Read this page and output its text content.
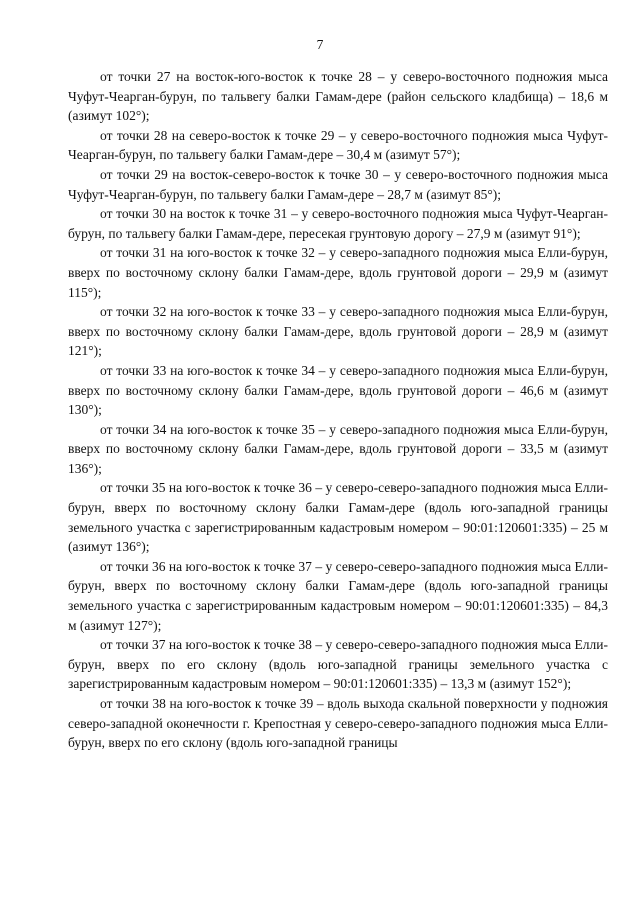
7

от точки 27 на восток-юго-восток к точке 28 – у северо-восточного подножия мыса Чуфут-Чеарган-бурун, по тальвегу балки Гамам-дере (район сельского кладбища) – 18,6 м (азимут 102°);

от точки 28 на северо-восток к точке 29 – у северо-восточного подножия мыса Чуфут-Чеарган-бурун, по тальвегу балки Гамам-дере – 30,4 м (азимут 57°);

от точки 29 на восток-северо-восток к точке 30 – у северо-восточного подножия мыса Чуфут-Чеарган-бурун, по тальвегу балки Гамам-дере – 28,7 м (азимут 85°);

от точки 30 на восток к точке 31 – у северо-восточного подножия мыса Чуфут-Чеарган-бурун, по тальвегу балки Гамам-дере, пересекая грунтовую дорогу – 27,9 м (азимут 91°);

от точки 31 на юго-восток к точке 32 – у северо-западного подножия мыса Елли-бурун, вверх по восточному склону балки Гамам-дере, вдоль грунтовой дороги – 29,9 м (азимут 115°);

от точки 32 на юго-восток к точке 33 – у северо-западного подножия мыса Елли-бурун, вверх по восточному склону балки Гамам-дере, вдоль грунтовой дороги – 28,9 м (азимут 121°);

от точки 33 на юго-восток к точке 34 – у северо-западного подножия мыса Елли-бурун, вверх по восточному склону балки Гамам-дере, вдоль грунтовой дороги – 46,6 м (азимут 130°);

от точки 34 на юго-восток к точке 35 – у северо-западного подножия мыса Елли-бурун, вверх по восточному склону балки Гамам-дере, вдоль грунтовой дороги – 33,5 м (азимут 136°);

от точки 35 на юго-восток к точке 36 – у северо-северо-западного подножия мыса Елли-бурун, вверх по восточному склону балки Гамам-дере (вдоль юго-западной границы земельного участка с зарегистрированным кадастровым номером – 90:01:120601:335) – 25 м (азимут 136°);

от точки 36 на юго-восток к точке 37 – у северо-северо-западного подножия мыса Елли-бурун, вверх по восточному склону балки Гамам-дере (вдоль юго-западной границы земельного участка с зарегистрированным кадастровым номером – 90:01:120601:335) – 84,3 м (азимут 127°);

от точки 37 на юго-восток к точке 38 – у северо-северо-западного подножия мыса Елли-бурун, вверх по его склону (вдоль юго-западной границы земельного участка с зарегистрированным кадастровым номером – 90:01:120601:335) – 13,3 м (азимут 152°);

от точки 38 на юго-восток к точке 39 – вдоль выхода скальной поверхности у подножия северо-западной оконечности г. Крепостная у северо-северо-западного подножия мыса Елли-бурун, вверх по его склону (вдоль юго-западной границы
